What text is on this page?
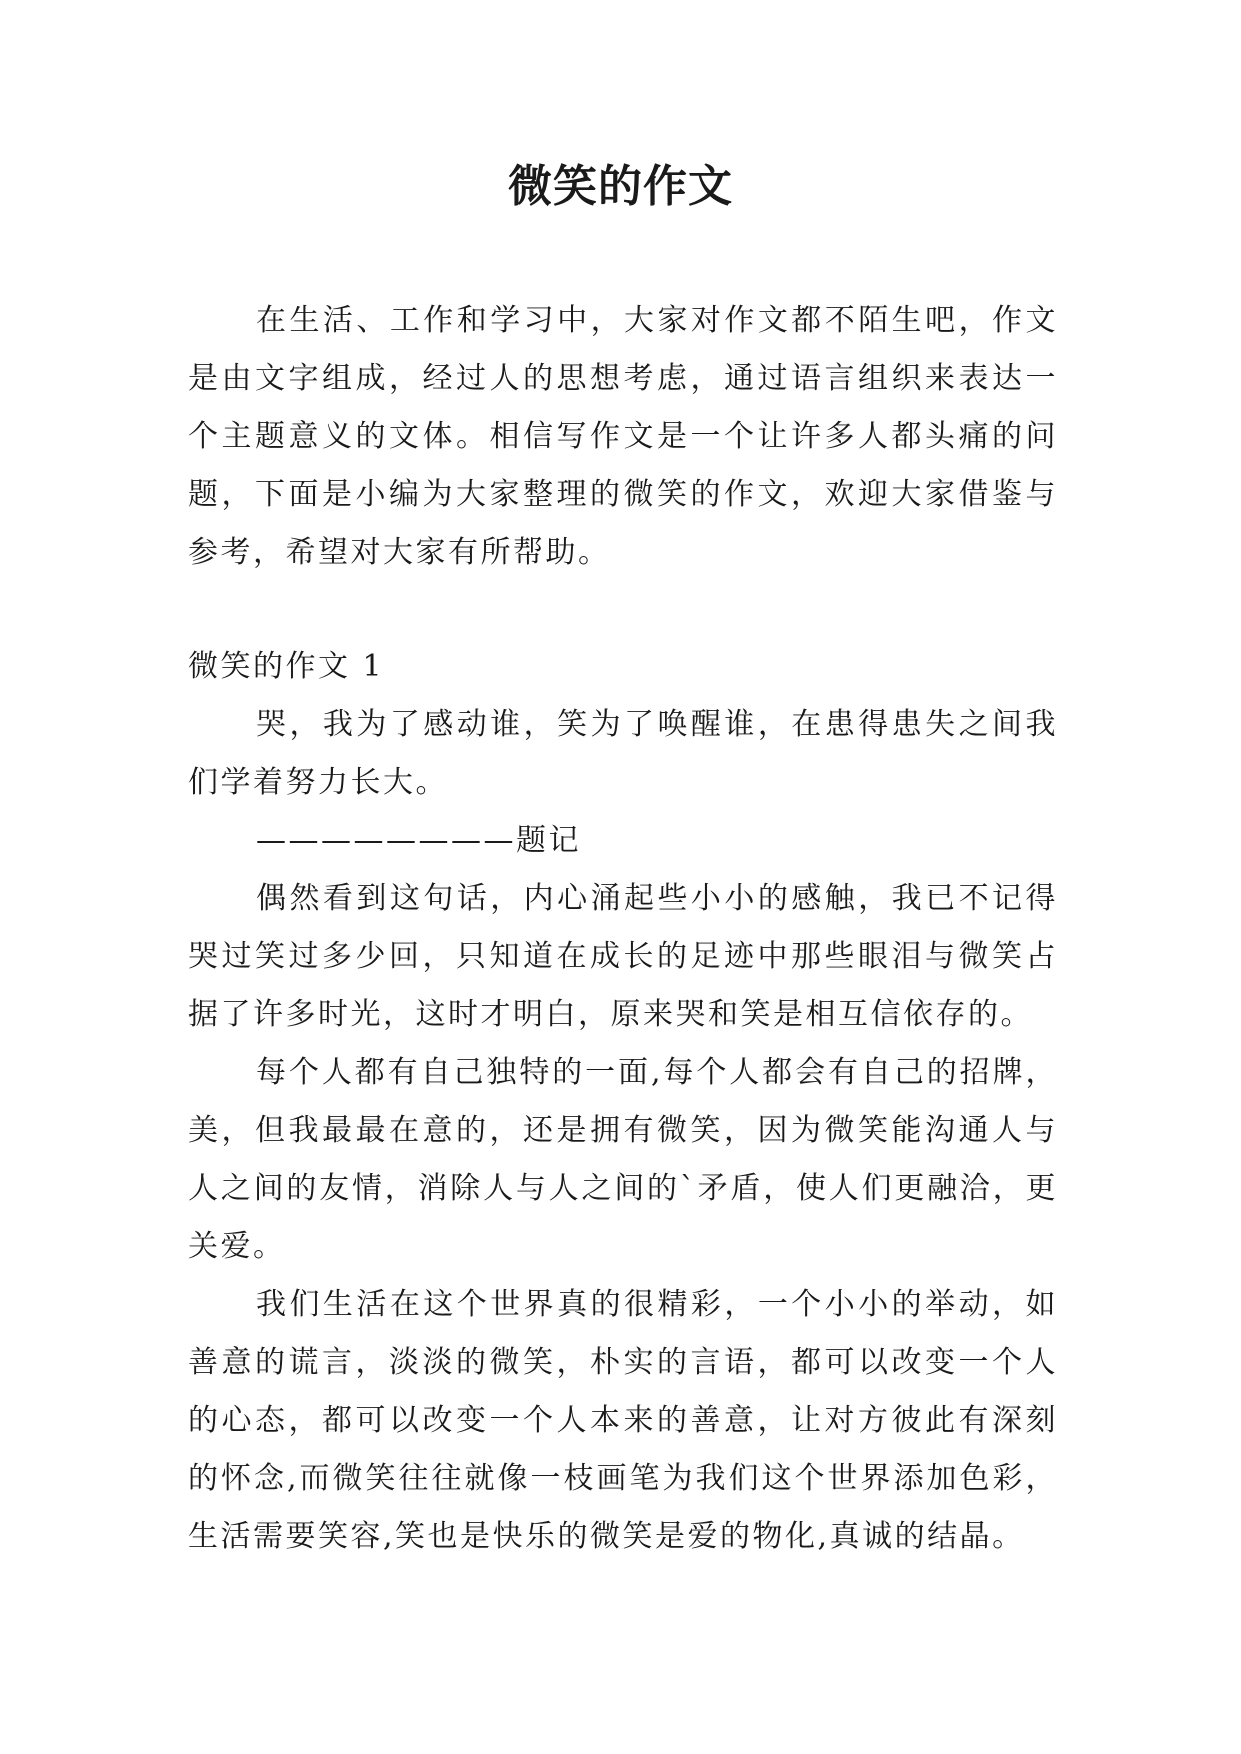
微笑的作文

在生活、工作和学习中，大家对作文都不陌生吧，作文是由文字组成，经过人的思想考虑，通过语言组织来表达一个主题意义的文体。相信写作文是一个让许多人都头痛的问题，下面是小编为大家整理的微笑的作文，欢迎大家借鉴与参考，希望对大家有所帮助。

微笑的作文 1

哭，我为了感动谁，笑为了唤醒谁，在患得患失之间我们学着努力长大。

————————题记

偶然看到这句话，内心涌起些小小的感触，我已不记得哭过笑过多少回，只知道在成长的足迹中那些眼泪与微笑占据了许多时光，这时才明白，原来哭和笑是相互信依存的。

每个人都有自己独特的一面,每个人都会有自己的招牌，美，但我最最在意的，还是拥有微笑，因为微笑能沟通人与人之间的友情，消除人与人之间的`矛盾，使人们更融洽，更关爱。

我们生活在这个世界真的很精彩，一个小小的举动，如善意的谎言，淡淡的微笑，朴实的言语，都可以改变一个人的心态，都可以改变一个人本来的善意，让对方彼此有深刻的怀念,而微笑往往就像一枝画笔为我们这个世界添加色彩，生活需要笑容,笑也是快乐的微笑是爱的物化,真诚的结晶。
